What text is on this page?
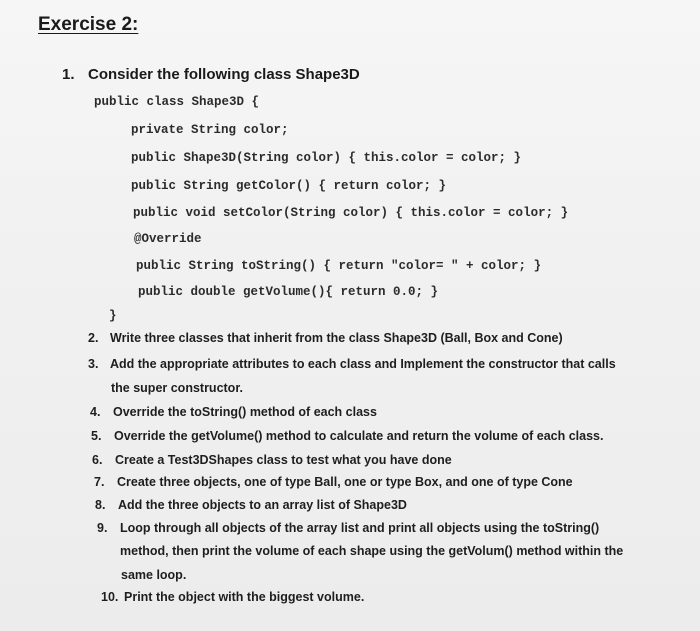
Exercise 2:
1. Consider the following class Shape3D
public class Shape3D {
private String color;
public Shape3D(String color) { this.color = color; }
public String getColor() { return color; }
public void setColor(String color) { this.color = color; }
@Override
public String toString() { return "color= " + color; }
public double getVolume(){ return 0.0; }
}
2. Write three classes that inherit from the class Shape3D (Ball, Box and Cone)
3. Add the appropriate attributes to each class and Implement the constructor that calls
the super constructor.
4. Override the toString() method of each class
5. Override the getVolume() method to calculate and return the volume of each class.
6. Create a Test3DShapes class to test what you have done
7. Create three objects, one of type Ball, one or type Box, and one of type Cone
8. Add the three objects to an array list of Shape3D
9. Loop through all objects of the array list and print all objects using the toString()
method, then print the volume of each shape using the getVolum() method within the
same loop.
10. Print the object with the biggest volume.
